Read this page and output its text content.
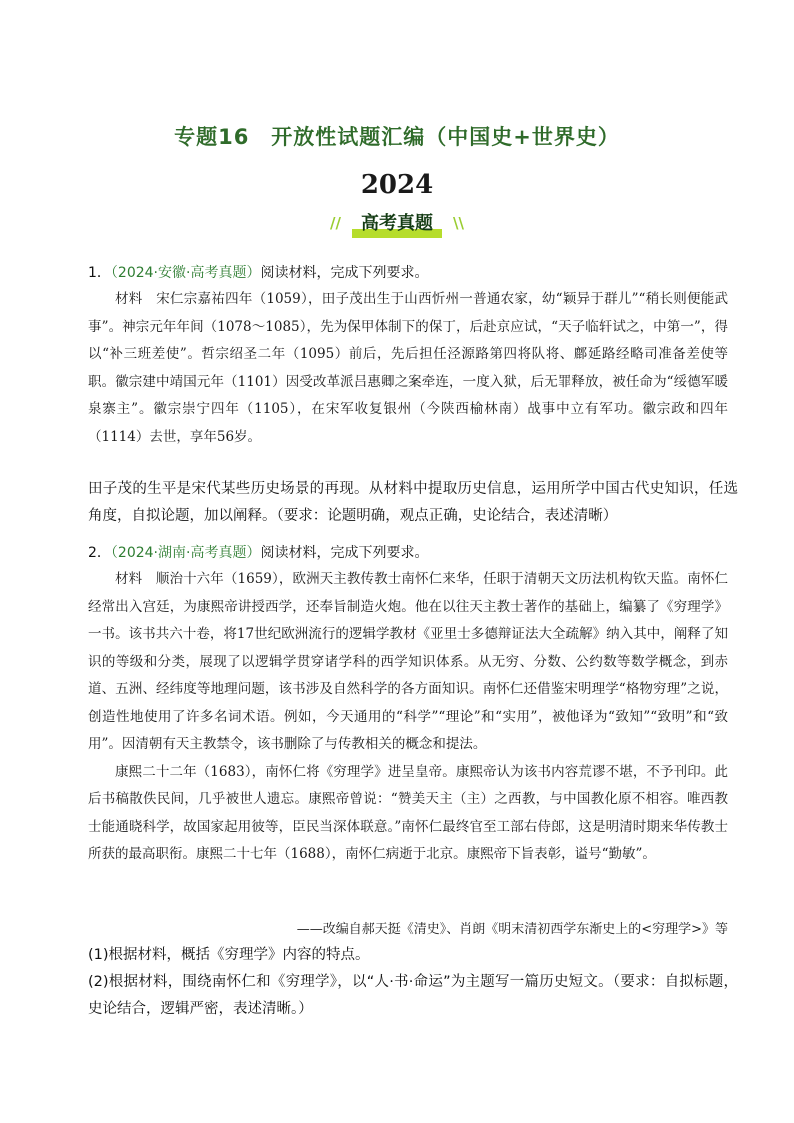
专题16　开放性试题汇编（中国史+世界史）
2024
//	高考真题	\\
1．（2024·安徽·高考真题）阅读材料，完成下列要求。

材料　宋仁宗嘉祐四年（1059），田子茂出生于山西忻州一普通农家，幼“颖异于群儿”“稍长则便能武事”。神宗元年年间（1078～1085），先为保甲体制下的保丁，后赴京应试，“天子临轩试之，中第一”，得以“补三班差使”。哲宗绍圣二年（1095）前后，先后担任泾源路第四将队将、鄜延路经略司准备差使等职。徽宗建中靖国元年（1101）因受改革派吕惠卿之案牵连，一度入狱，后无罪释放，被任命为“绥德军暖泉寨主”。徽宗崇宁四年（1105），在宋军收复银州（今陕西榆林南）战事中立有军功。徽宗政和四年（1114）去世，享年56岁。

田子茂的生平是宋代某些历史场景的再现。从材料中提取历史信息，运用所学中国古代史知识，任选角度，自拟论题，加以阐释。（要求：论题明确，观点正确，史论结合，表述清晰）

2．（2024·湖南·高考真题）阅读材料，完成下列要求。

材料　顺治十六年（1659），欧洲天主教传教士南怀仁来华，任职于清朝天文历法机构钦天监。南怀仁经常出入宫廷，为康熙帝讲授西学，还奉旨制造火炮。他在以往天主教士著作的基础上，编纂了《穷理学》一书。该书共六十卷，将17世纪欧洲流行的逻辑学教材《亚里士多德辩证法大全疏解》纳入其中，阐释了知识的等级和分类，展现了以逻辑学贯穿诸学科的西学知识体系。从无穷、分数、公约数等数学概念，到赤道、五洲、经纬度等地理问题，该书涉及自然科学的各方面知识。南怀仁还借鉴宋明理学“格物穷理”之说，创造性地使用了许多名词术语。例如，今天通用的“科学”“理论”和“实用”，被他译为“致知”“致明”和“致用”。因清朝有天主教禁令，该书删除了与传教相关的概念和提法。

康熙二十二年（1683），南怀仁将《穷理学》进呈皇帝。康熙帝认为该书内容荒谬不堪，不予刊印。此后书稿散佚民间，几乎被世人遗忘。康熙帝曾说：“赞美天主（主）之西教，与中国教化原不相容。唯西教士能通晓科学，故国家起用彼等，臣民当深体联意。”南怀仁最终官至工部右侍郎，这是明清时期来华传教士所获的最高职衔。康熙二十七年（1688），南怀仁病逝于北京。康熙帝下旨表彰，谥号“勤敏”。

——改编自郝天挺《清史》、肖朗《明末清初西学东渐史上的<穷理学>》等

(1)根据材料，概括《穷理学》内容的特点。

(2)根据材料，围绕南怀仁和《穷理学》，以“人·书·命运”为主题写一篇历史短文。（要求：自拟标题，史论结合，逻辑严密，表述清晰。）
